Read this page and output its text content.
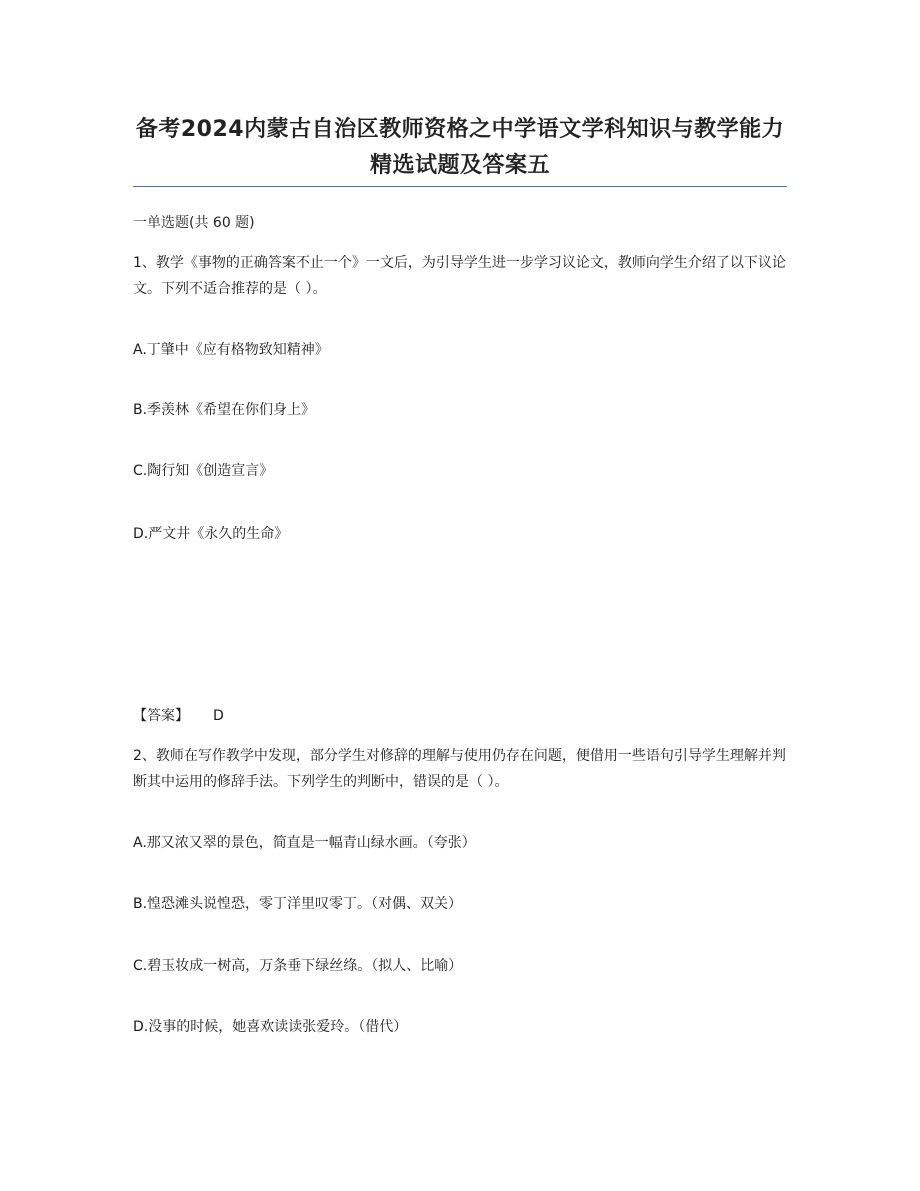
备考2024内蒙古自治区教师资格之中学语文学科知识与教学能力精选试题及答案五
一单选题(共 60 题)
1、教学《事物的正确答案不止一个》一文后，为引导学生进一步学习议论文，教师向学生介绍了以下议论文。下列不适合推荐的是（ ）。
A.丁肇中《应有格物致知精神》
B.季羡林《希望在你们身上》
C.陶行知《创造宣言》
D.严文井《永久的生命》
【答案】 D
2、教师在写作教学中发现，部分学生对修辞的理解与使用仍存在问题，便借用一些语句引导学生理解并判断其中运用的修辞手法。下列学生的判断中，错误的是（ ）。
A.那又浓又翠的景色，简直是一幅青山绿水画。（夸张）
B.惶恐滩头说惶恐，零丁洋里叹零丁。（对偶、双关）
C.碧玉妆成一树高，万条垂下绿丝绦。（拟人、比喻）
D.没事的时候，她喜欢读读张爱玲。（借代）
